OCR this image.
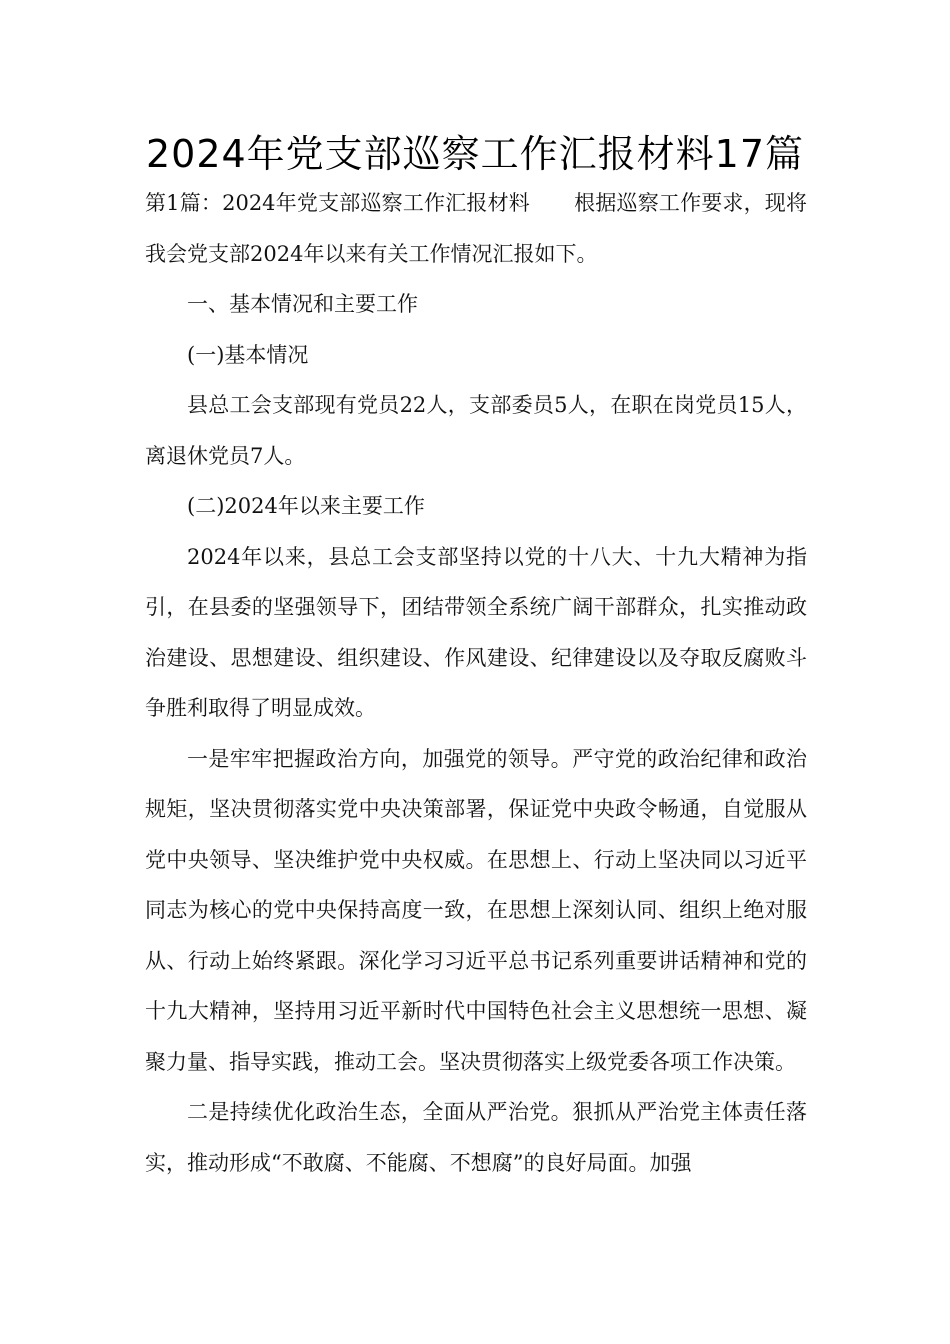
2024年党支部巡察工作汇报材料17篇

第1篇：2024年党支部巡察工作汇报材料 根据巡察工作要求，现将我会党支部2024年以来有关工作情况汇报如下。

一、基本情况和主要工作

(一)基本情况

县总工会支部现有党员22人，支部委员5人，在职在岗党员15人，离退休党员7人。

(二)2024年以来主要工作

2024年以来，县总工会支部坚持以党的十八大、十九大精神为指引，在县委的坚强领导下，团结带领全系统广阔干部群众，扎实推动政治建设、思想建设、组织建设、作风建设、纪律建设以及夺取反腐败斗争胜利取得了明显成效。

一是牢牢把握政治方向，加强党的领导。严守党的政治纪律和政治规矩，坚决贯彻落实党中央决策部署，保证党中央政令畅通，自觉服从党中央领导、坚决维护党中央权威。在思想上、行动上坚决同以习近平同志为核心的党中央保持高度一致，在思想上深刻认同、组织上绝对服从、行动上始终紧跟。深化学习习近平总书记系列重要讲话精神和党的十九大精神，坚持用习近平新时代中国特色社会主义思想统一思想、凝聚力量、指导实践，推动工会。坚决贯彻落实上级党委各项工作决策。

二是持续优化政治生态，全面从严治党。狠抓从严治党主体责任落实，推动形成“不敢腐、不能腐、不想腐”的良好局面。加强
